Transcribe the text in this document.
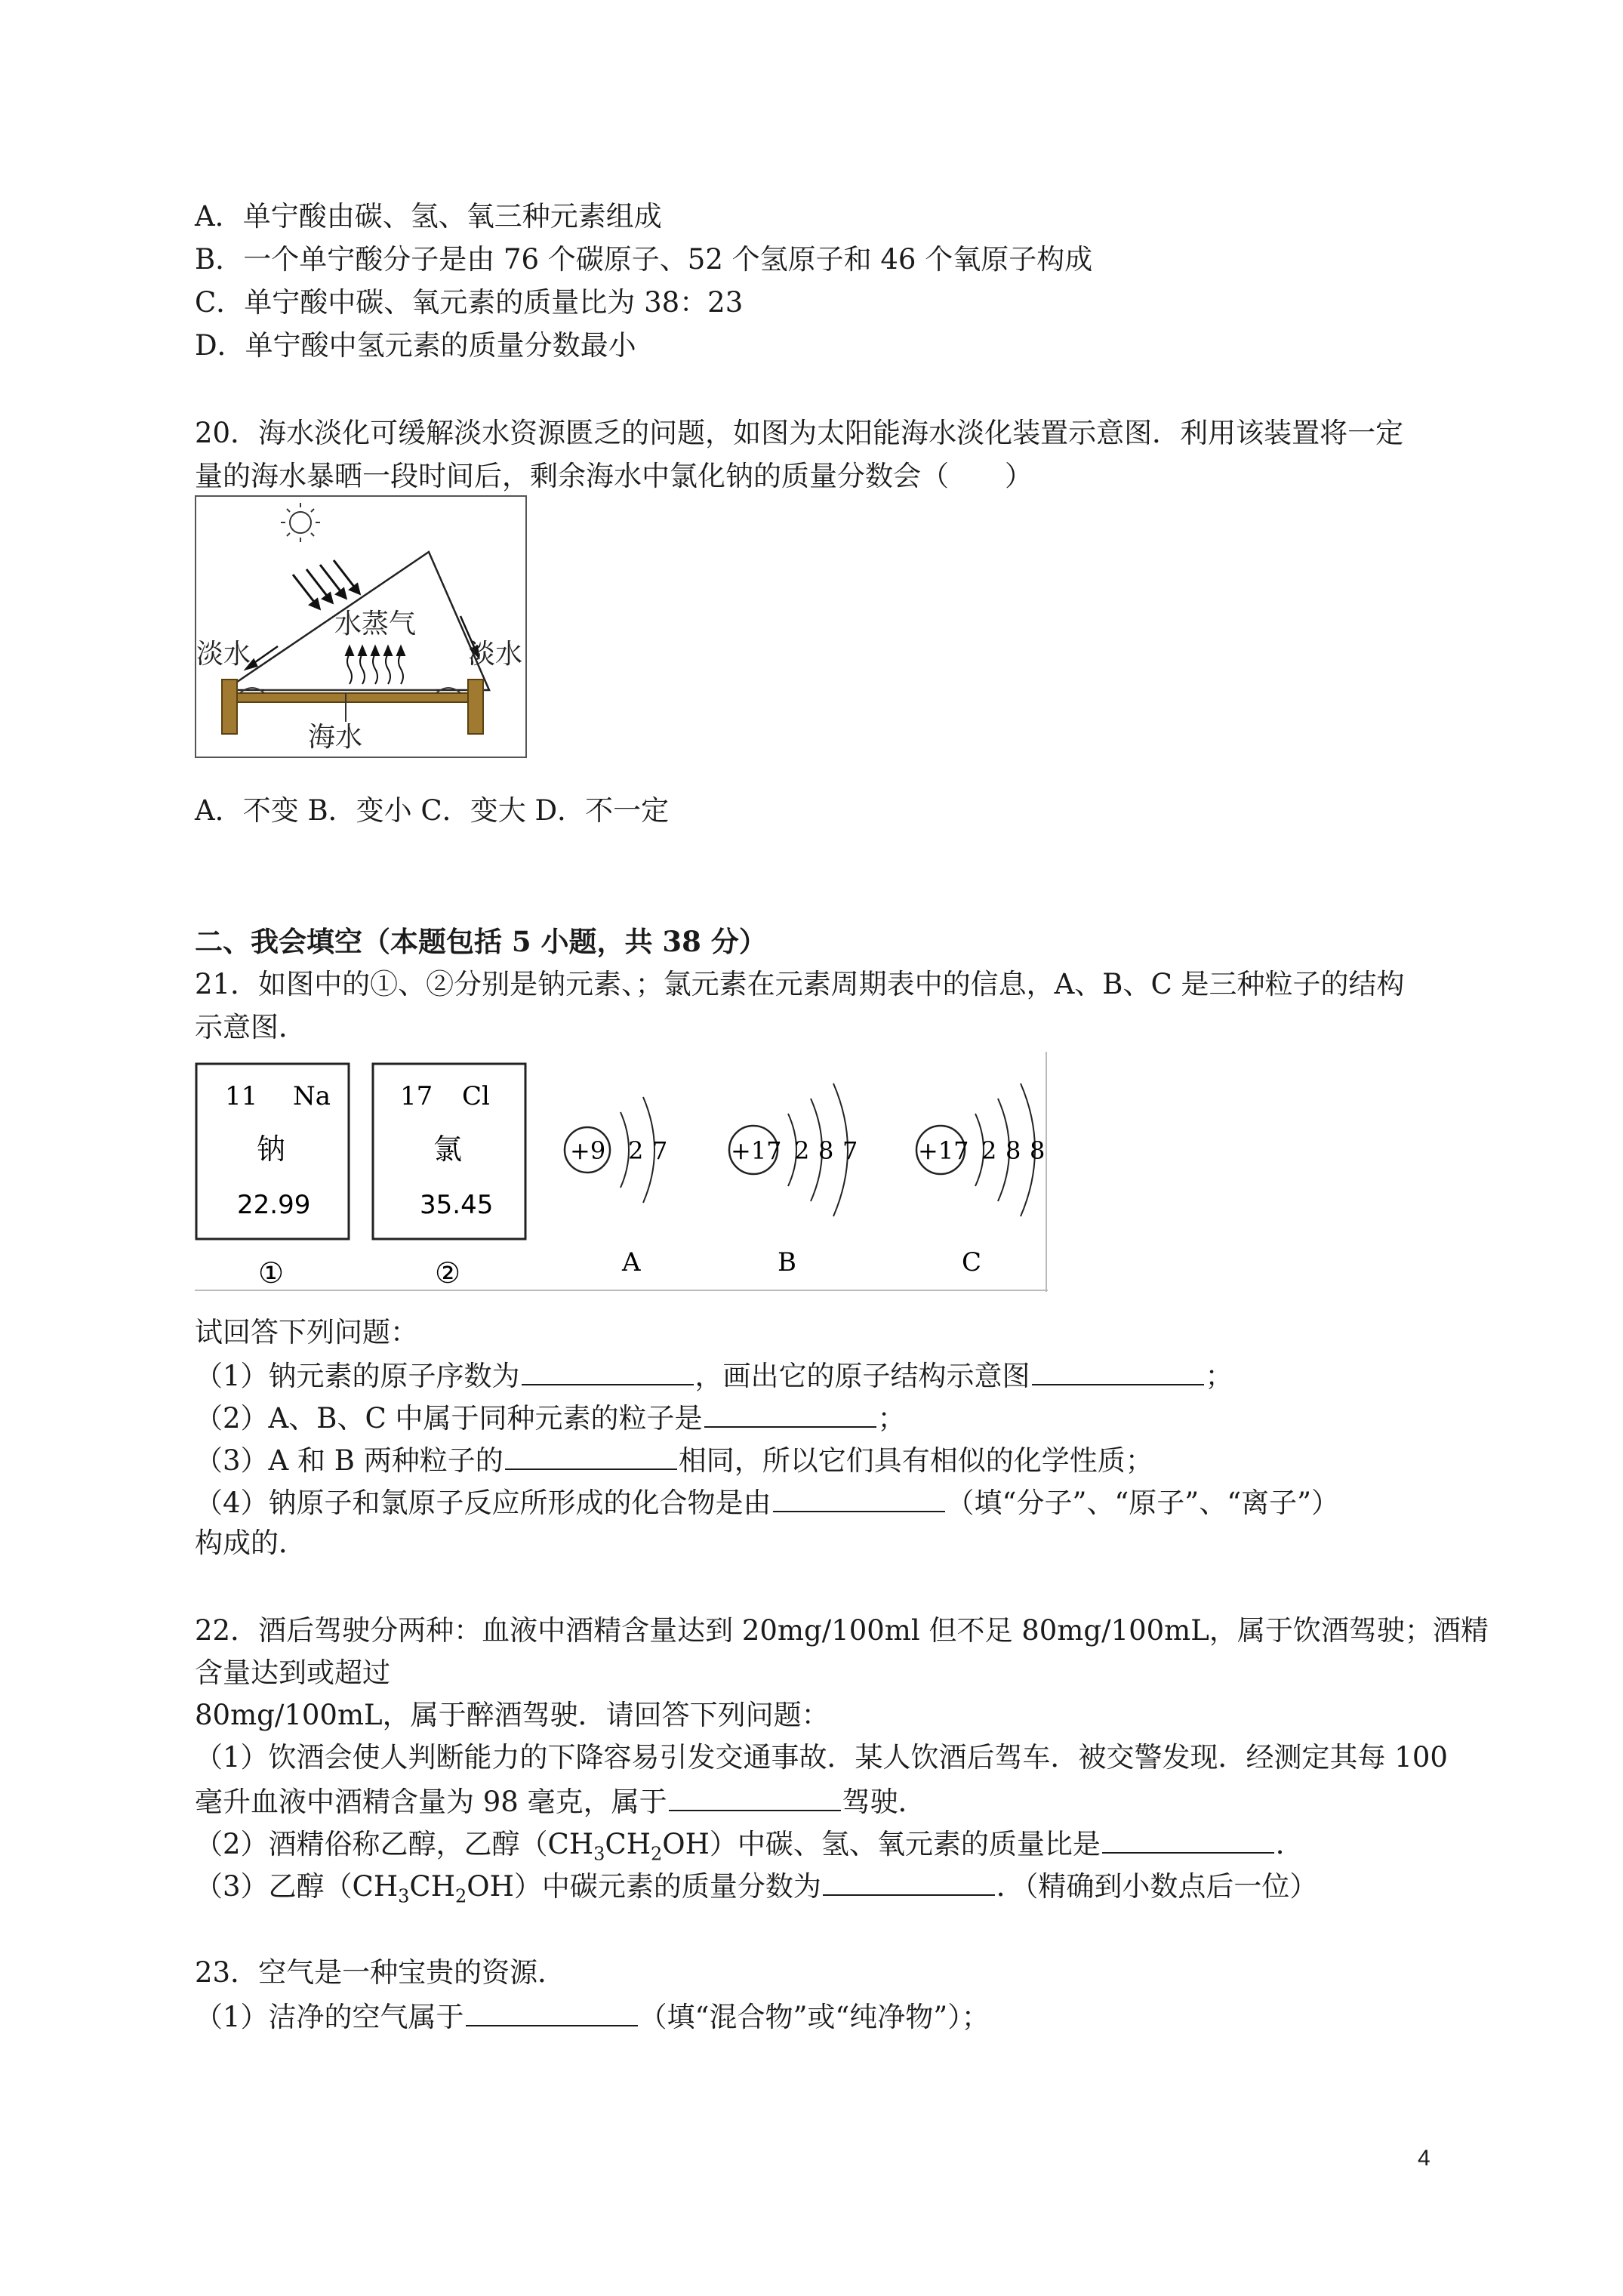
A．单宁酸由碳、氢、氧三种元素组成
B．一个单宁酸分子是由 76 个碳原子、52 个氢原子和 46 个氧原子构成
C．单宁酸中碳、氧元素的质量比为 38：23
D．单宁酸中氢元素的质量分数最小
20．海水淡化可缓解淡水资源匮乏的问题，如图为太阳能海水淡化装置示意图．利用该装置将一定
量的海水暴晒一段时间后，剩余海水中氯化钠的质量分数会（　　）
水蒸气
淡水	淡水
海水
A．不变 B．变小 C．变大 D．不一定
二、我会填空（本题包括 5 小题，共 38 分）
21．如图中的①、②分别是钠元素、；氯元素在元素周期表中的信息，A、B、C 是三种粒子的结构
示意图．
11 Na
钠
22.99
①
17 Cl
氯
35.45
②
+9 2 7
A
+17 2 8 7
B
+17 2 8 8
C
试回答下列问题：
（1）钠元素的原子序数为	，画出它的原子结构示意图	；
（2）A、B、C 中属于同种元素的粒子是	；
（3）A 和 B 两种粒子的	相同，所以它们具有相似的化学性质；
（4）钠原子和氯原子反应所形成的化合物是由	（填“分子”、“原子”、“离子”）
构成的．
22．酒后驾驶分两种：血液中酒精含量达到 20mg/100ml 但不足 80mg/100mL，属于饮酒驾驶；酒精
含量达到或超过
80mg/100mL，属于醉酒驾驶．请回答下列问题：
（1）饮酒会使人判断能力的下降容易引发交通事故．某人饮酒后驾车．被交警发现．经测定其每 100
毫升血液中酒精含量为 98 毫克，属于	驾驶．
（2）酒精俗称乙醇，乙醇$(CH_3CH_2OH)$中碳、氢、氧元素的质量比是	．
（3）乙醇$(CH_3CH_2OH)$中碳元素的质量分数为	．（精确到小数点后一位）
23．空气是一种宝贵的资源．
（1）洁净的空气属于	（填“混合物”或“纯净物”）；
4
